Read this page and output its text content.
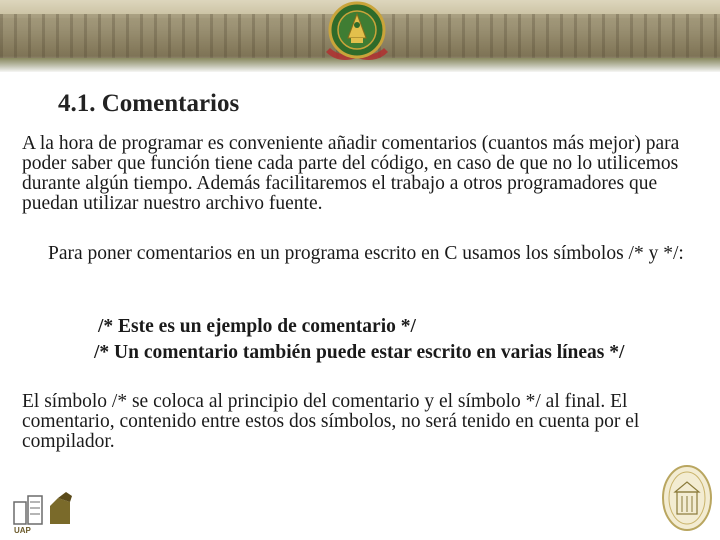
4.1. Comentarios

A la hora de programar es conveniente añadir comentarios (cuantos más mejor) para poder saber que función tiene cada parte del código, en caso de que no lo utilicemos durante algún tiempo. Además facilitaremos el trabajo a otros programadores que puedan utilizar nuestro archivo fuente.

Para poner comentarios en un programa escrito en C usamos los símbolos /* y */:

/* Este es un ejemplo de comentario */

/* Un comentario también puede estar escrito en varias líneas */

El símbolo /* se coloca al principio del comentario y el símbolo */ al final. El comentario, contenido entre estos dos símbolos, no será tenido en cuenta por el compilador.

UAP
